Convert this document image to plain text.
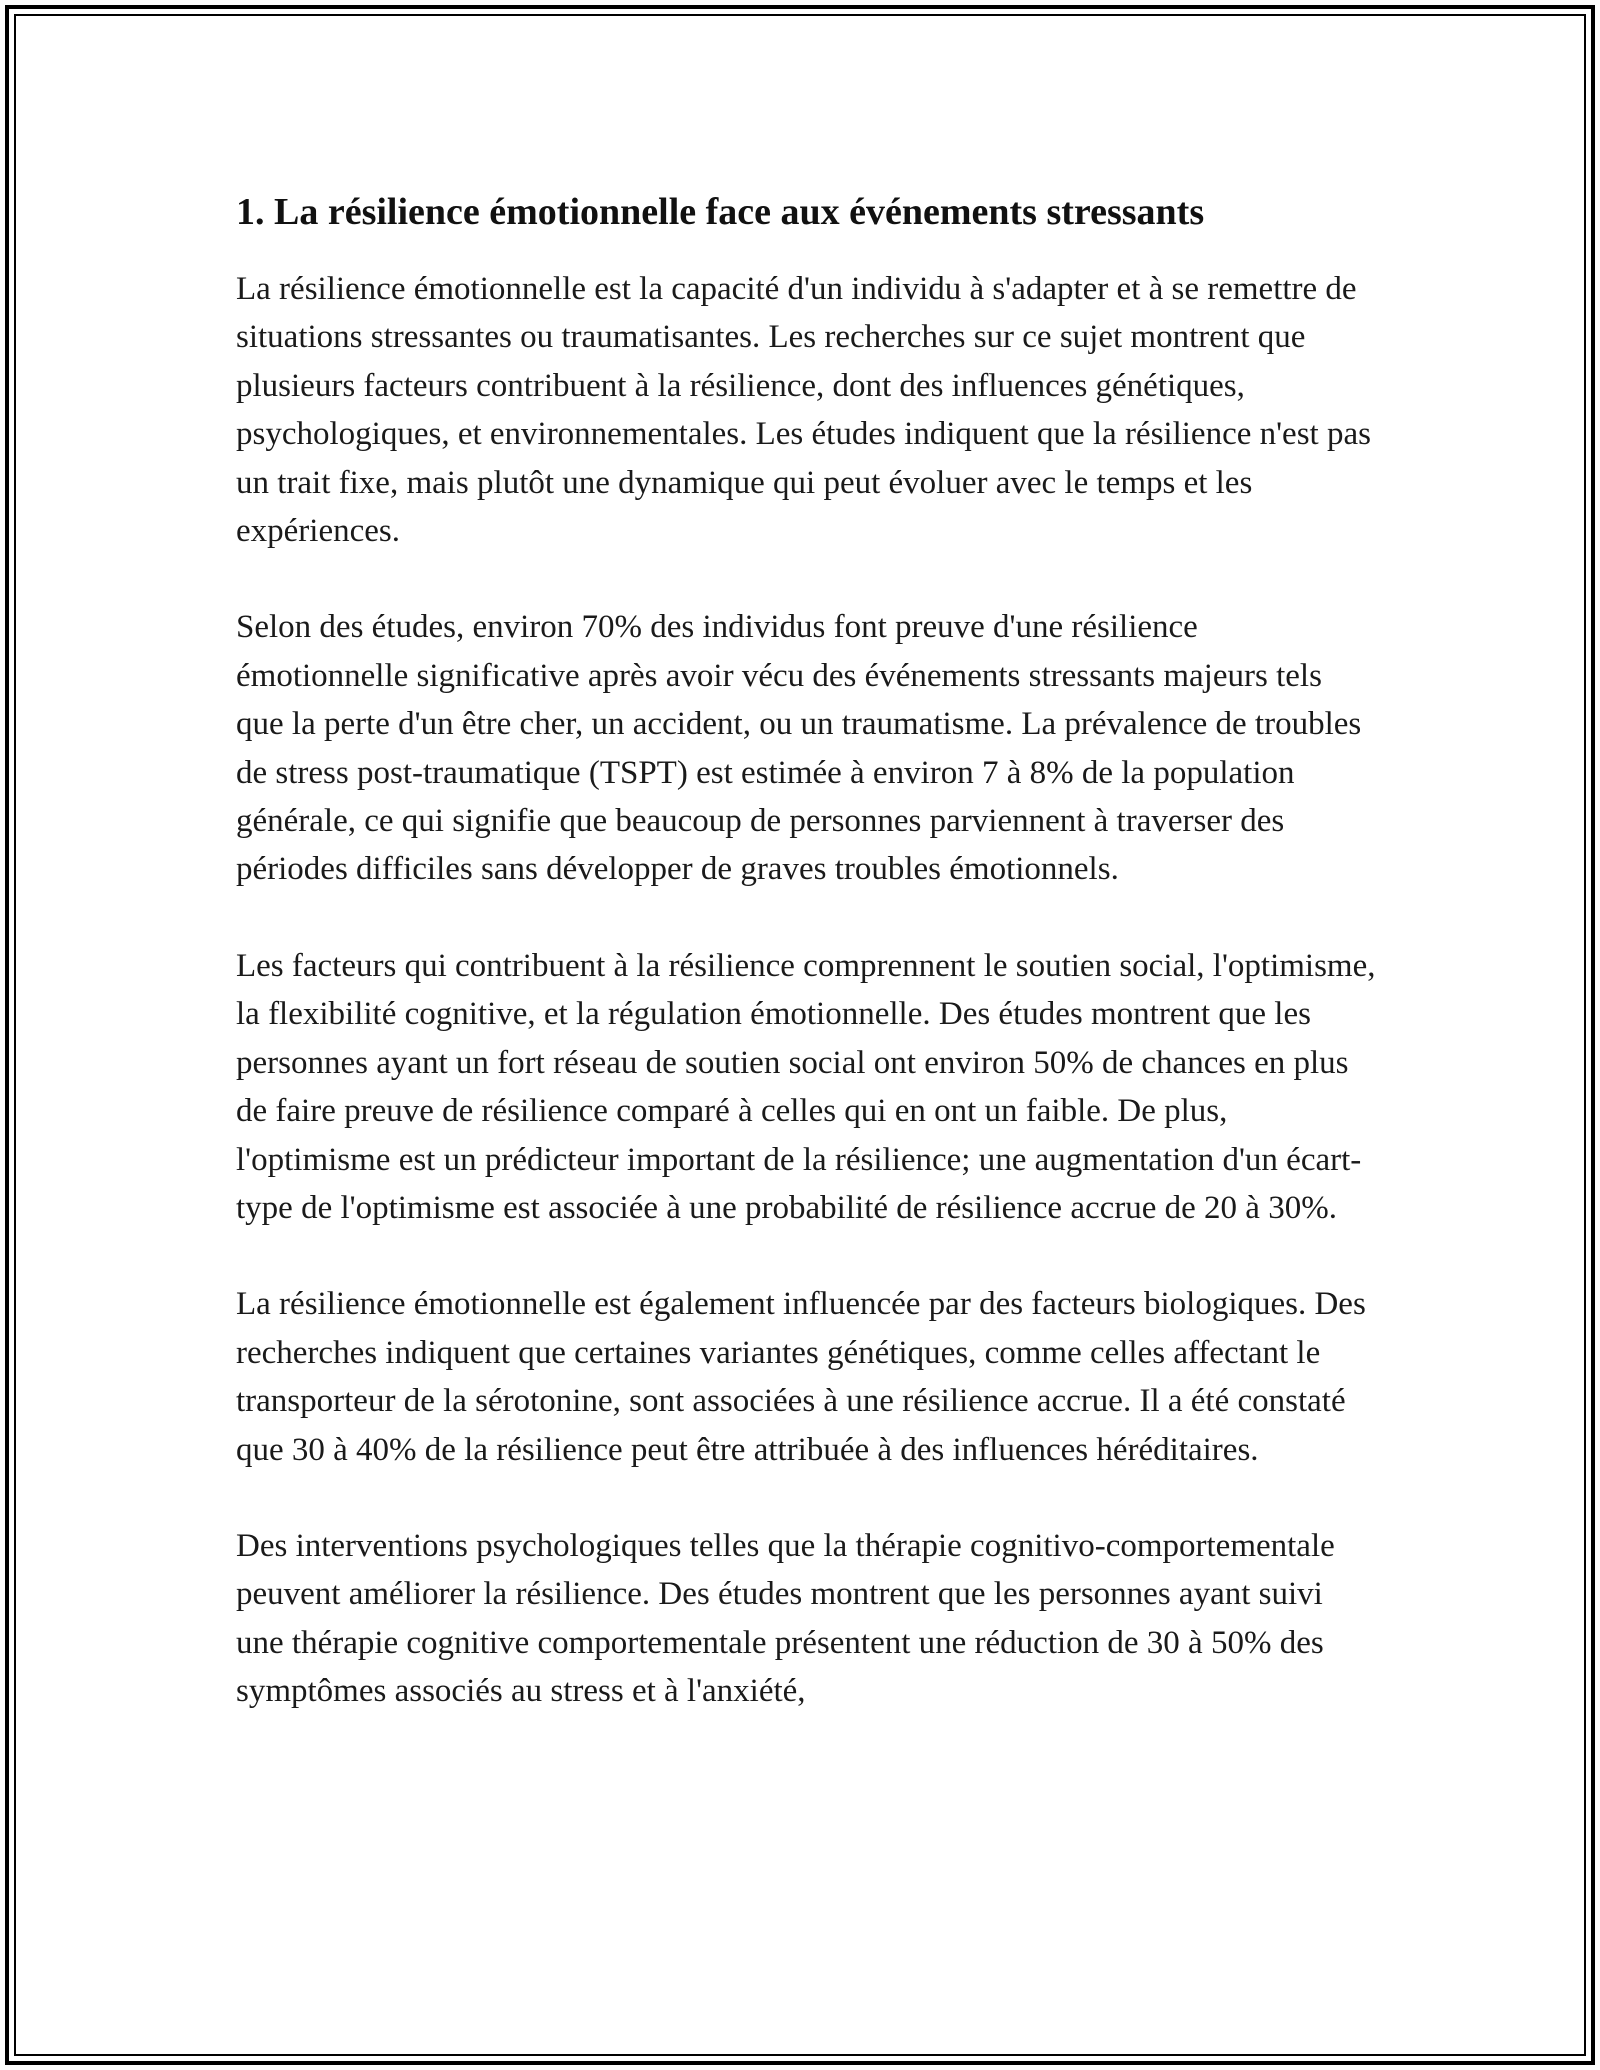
1. La résilience émotionnelle face aux événements stressants

La résilience émotionnelle est la capacité d'un individu à s'adapter et à se remettre de situations stressantes ou traumatisantes. Les recherches sur ce sujet montrent que plusieurs facteurs contribuent à la résilience, dont des influences génétiques, psychologiques, et environnementales. Les études indiquent que la résilience n'est pas un trait fixe, mais plutôt une dynamique qui peut évoluer avec le temps et les expériences.

Selon des études, environ 70% des individus font preuve d'une résilience émotionnelle significative après avoir vécu des événements stressants majeurs tels que la perte d'un être cher, un accident, ou un traumatisme. La prévalence de troubles de stress post-traumatique (TSPT) est estimée à environ 7 à 8% de la population générale, ce qui signifie que beaucoup de personnes parviennent à traverser des périodes difficiles sans développer de graves troubles émotionnels.

Les facteurs qui contribuent à la résilience comprennent le soutien social, l'optimisme, la flexibilité cognitive, et la régulation émotionnelle. Des études montrent que les personnes ayant un fort réseau de soutien social ont environ 50% de chances en plus de faire preuve de résilience comparé à celles qui en ont un faible. De plus, l'optimisme est un prédicteur important de la résilience; une augmentation d'un écart-type de l'optimisme est associée à une probabilité de résilience accrue de 20 à 30%.

La résilience émotionnelle est également influencée par des facteurs biologiques. Des recherches indiquent que certaines variantes génétiques, comme celles affectant le transporteur de la sérotonine, sont associées à une résilience accrue. Il a été constaté que 30 à 40% de la résilience peut être attribuée à des influences héréditaires.

Des interventions psychologiques telles que la thérapie cognitivo-comportementale peuvent améliorer la résilience. Des études montrent que les personnes ayant suivi une thérapie cognitive comportementale présentent une réduction de 30 à 50% des symptômes associés au stress et à l'anxiété,
